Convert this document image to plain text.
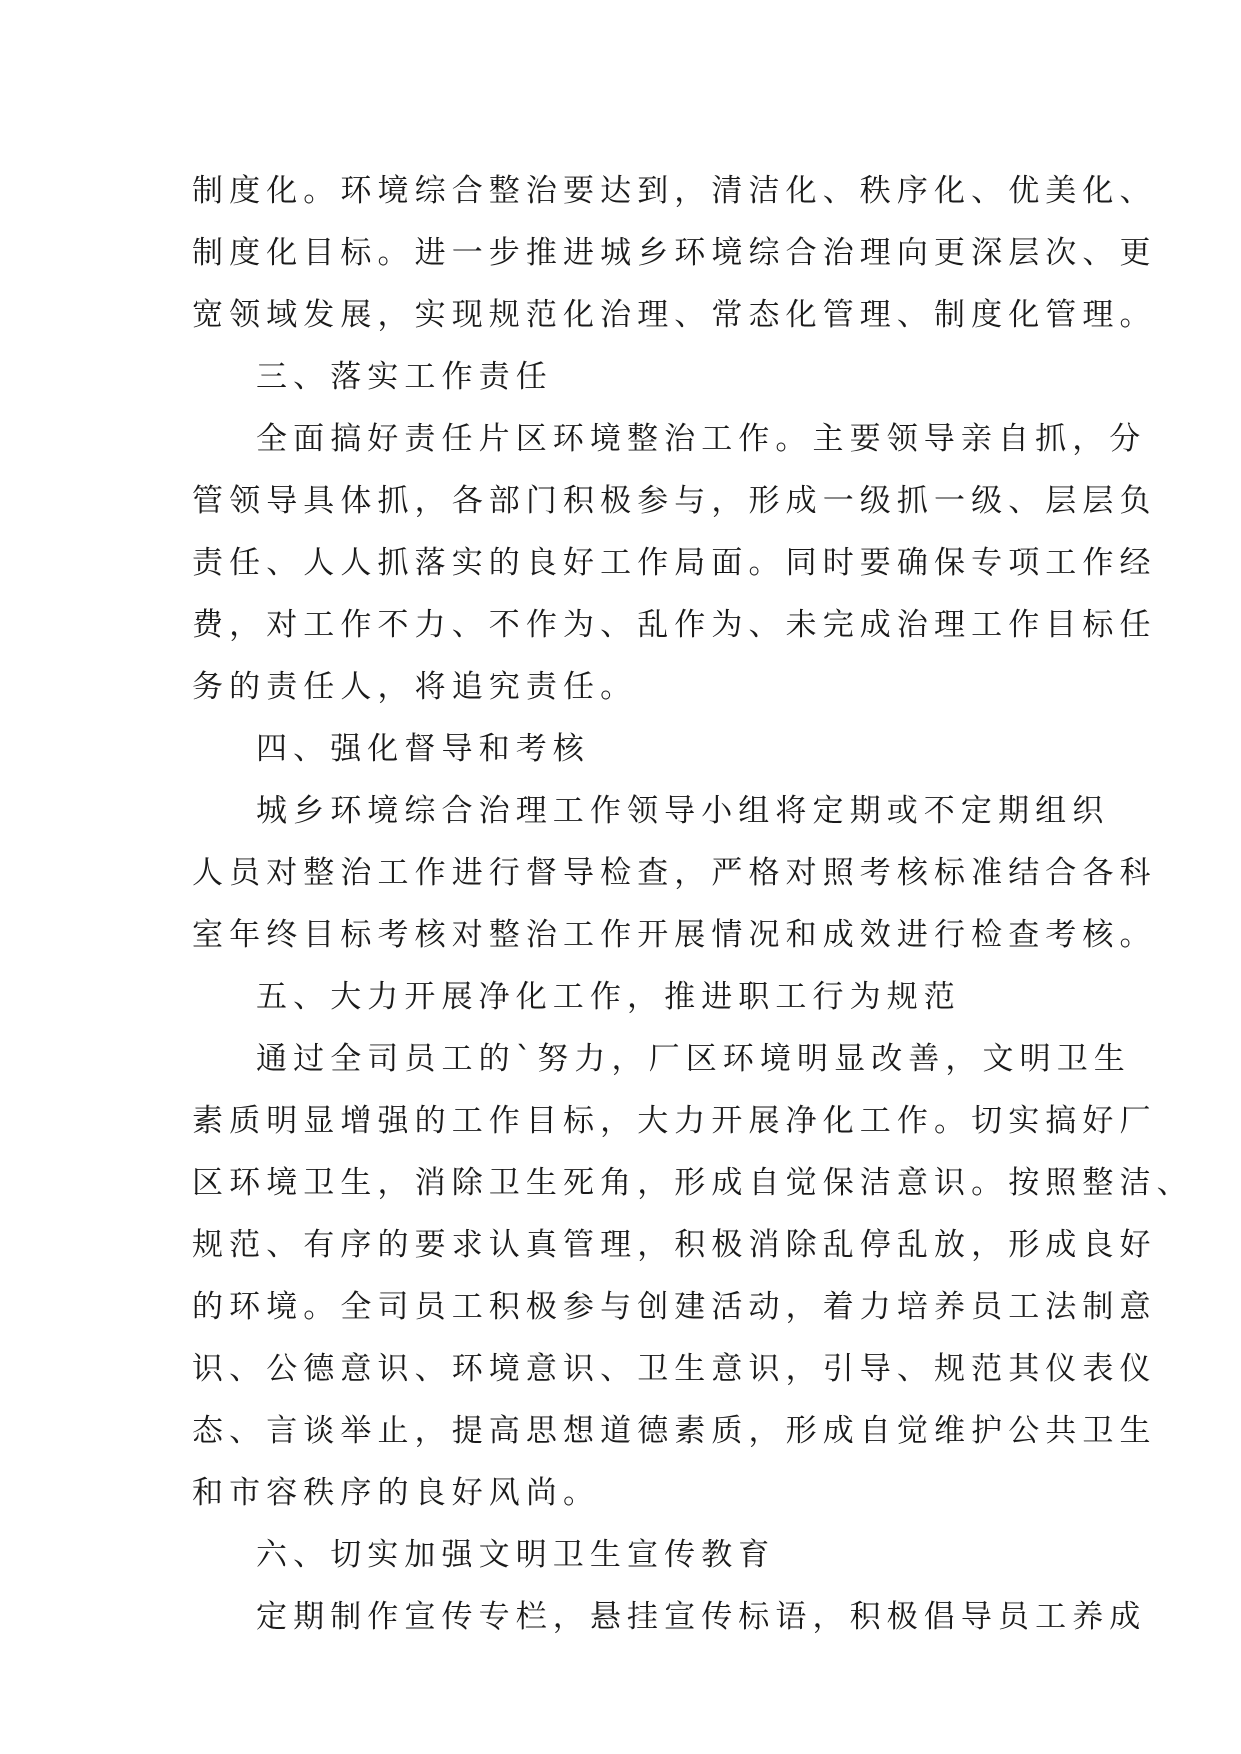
制度化。环境综合整治要达到，清洁化、秩序化、优美化、
制度化目标。进一步推进城乡环境综合治理向更深层次、更
宽领域发展，实现规范化治理、常态化管理、制度化管理。
三、落实工作责任
全面搞好责任片区环境整治工作。主要领导亲自抓，分
管领导具体抓，各部门积极参与，形成一级抓一级、层层负
责任、人人抓落实的良好工作局面。同时要确保专项工作经
费，对工作不力、不作为、乱作为、未完成治理工作目标任
务的责任人，将追究责任。
四、强化督导和考核
城乡环境综合治理工作领导小组将定期或不定期组织
人员对整治工作进行督导检查，严格对照考核标准结合各科
室年终目标考核对整治工作开展情况和成效进行检查考核。
五、大力开展净化工作，推进职工行为规范
通过全司员工的`努力，厂区环境明显改善，文明卫生
素质明显增强的工作目标，大力开展净化工作。切实搞好厂
区环境卫生，消除卫生死角，形成自觉保洁意识。按照整洁、
规范、有序的要求认真管理，积极消除乱停乱放，形成良好
的环境。全司员工积极参与创建活动，着力培养员工法制意
识、公德意识、环境意识、卫生意识，引导、规范其仪表仪
态、言谈举止，提高思想道德素质，形成自觉维护公共卫生
和市容秩序的良好风尚。
六、切实加强文明卫生宣传教育
定期制作宣传专栏，悬挂宣传标语，积极倡导员工养成
